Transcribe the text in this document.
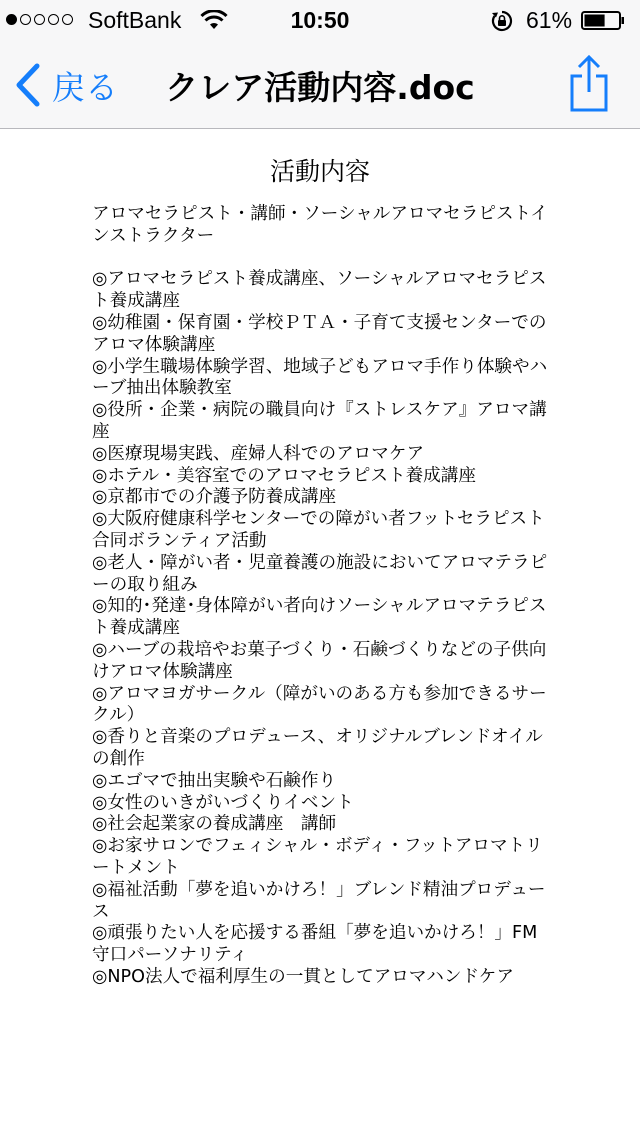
SoftBank	10:50	61%
戻る	クレア活動内容.doc
活動内容

アロマセラピスト・講師・ソーシャルアロマセラピストインストラクター

◎アロマセラピスト養成講座、ソーシャルアロマセラピスト養成講座

◎幼稚園・保育園・学校ＰＴＡ・子育て支援センターでのアロマ体験講座

◎小学生職場体験学習、地域子どもアロマ手作り体験やハーブ抽出体験教室

◎役所・企業・病院の職員向け『ストレスケア』アロマ講座

◎医療現場実践、産婦人科でのアロマケア

◎ホテル・美容室でのアロマセラピスト養成講座

◎京都市での介護予防養成講座

◎大阪府健康科学センターでの障がい者フットセラピスト合同ボランティア活動

◎老人・障がい者・児童養護の施設においてアロマテラピーの取り組み

◎知的･発達･身体障がい者向けソーシャルアロマテラピスト養成講座

◎ハーブの栽培やお菓子づくり・石鹸づくりなどの子供向けアロマ体験講座

◎アロマヨガサークル（障がいのある方も参加できるサークル）

◎香りと音楽のプロデュース、オリジナルブレンドオイルの創作

◎エゴマで抽出実験や石鹸作り

◎女性のいきがいづくりイベント

◎社会起業家の養成講座　講師

◎お家サロンでフェィシャル・ボディ・フットアロマトリートメント

◎福祉活動「夢を追いかけろ！」ブレンド精油プロデュース

◎頑張りたい人を応援する番組「夢を追いかけろ！」FM守口パーソナリティ

◎NPO法人で福利厚生の一貫としてアロマハンドケア
